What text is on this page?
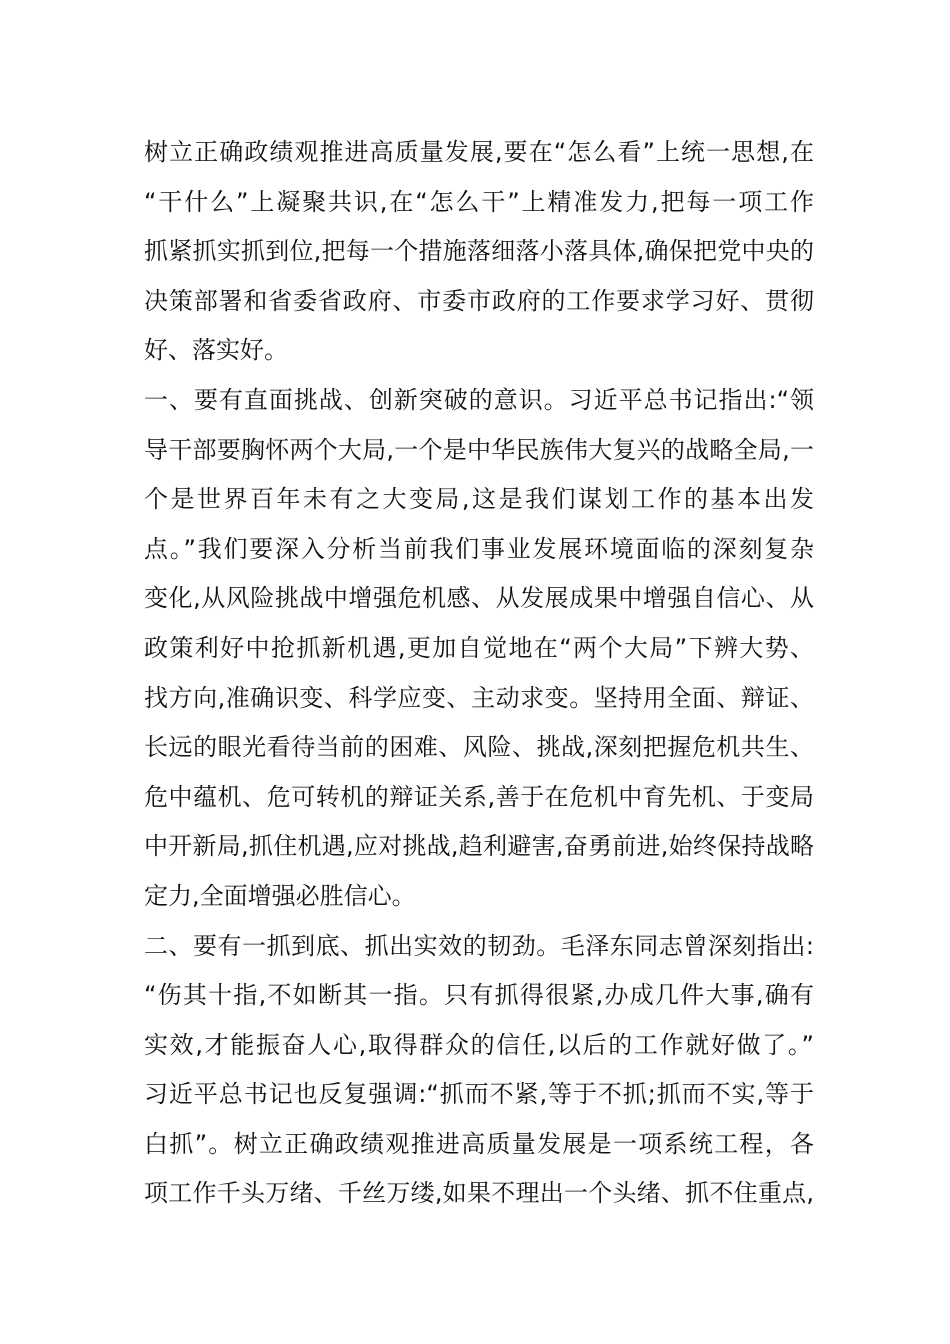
树立正确政绩观推进高质量发展,要在“怎么看”上统一思想,在
“干什么”上凝聚共识,在“怎么干”上精准发力,把每一项工作
抓紧抓实抓到位,把每一个措施落细落小落具体,确保把党中央的
决策部署和省委省政府、市委市政府的工作要求学习好、贯彻
好、落实好。
一、要有直面挑战、创新突破的意识。习近平总书记指出:“领
导干部要胸怀两个大局,一个是中华民族伟大复兴的战略全局,一
个是世界百年未有之大变局,这是我们谋划工作的基本出发
点。”我们要深入分析当前我们事业发展环境面临的深刻复杂
变化,从风险挑战中增强危机感、从发展成果中增强自信心、从
政策利好中抢抓新机遇,更加自觉地在“两个大局”下辨大势、
找方向,准确识变、科学应变、主动求变。坚持用全面、辩证、
长远的眼光看待当前的困难、风险、挑战,深刻把握危机共生、
危中蕴机、危可转机的辩证关系,善于在危机中育先机、于变局
中开新局,抓住机遇,应对挑战,趋利避害,奋勇前进,始终保持战略
定力,全面增强必胜信心。
二、要有一抓到底、抓出实效的韧劲。毛泽东同志曾深刻指出:
“伤其十指,不如断其一指。只有抓得很紧,办成几件大事,确有
实效,才能振奋人心,取得群众的信任,以后的工作就好做了。”
习近平总书记也反复强调:“抓而不紧,等于不抓;抓而不实,等于
白抓”。树立正确政绩观推进高质量发展是一项系统工程，各
项工作千头万绪、千丝万缕,如果不理出一个头绪、抓不住重点,
